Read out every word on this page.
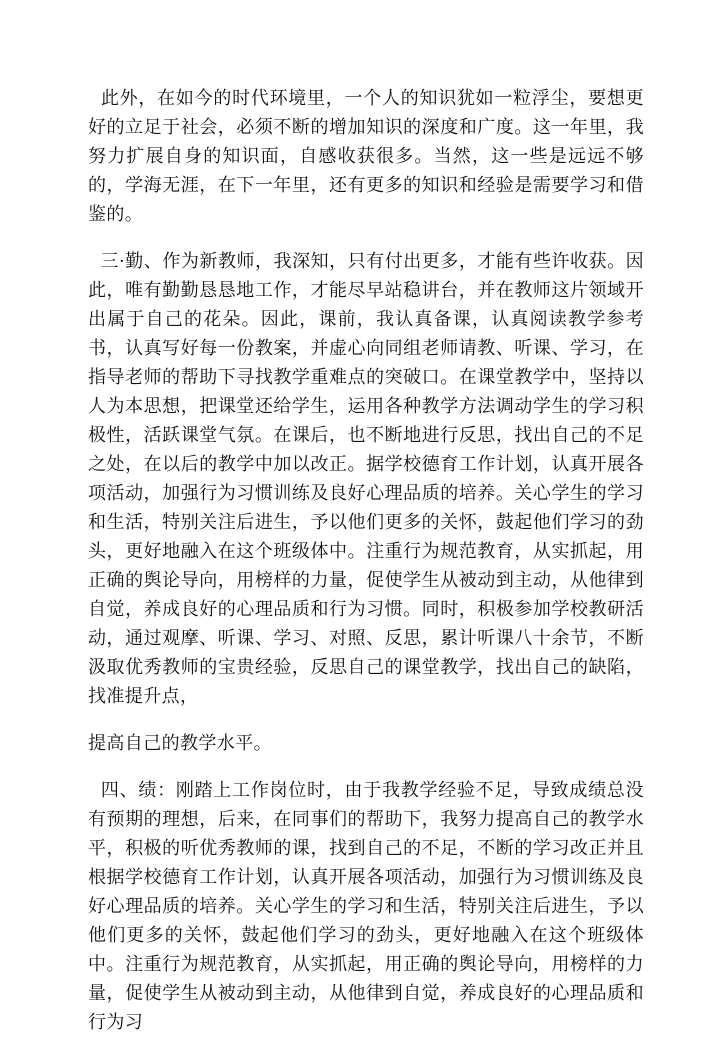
此外，在如今的时代环境里，一个人的知识犹如一粒浮尘，要想更好的立足于社会，必须不断的增加知识的深度和广度。这一年里，我努力扩展自身的知识面，自感收获很多。当然，这一些是远远不够的，学海无涯，在下一年里，还有更多的知识和经验是需要学习和借鉴的。

三·勤、作为新教师，我深知，只有付出更多，才能有些许收获。因此，唯有勤勤恳恳地工作，才能尽早站稳讲台，并在教师这片领域开出属于自己的花朵。因此，课前，我认真备课，认真阅读教学参考书，认真写好每一份教案，并虚心向同组老师请教、听课、学习，在指导老师的帮助下寻找教学重难点的突破口。在课堂教学中，坚持以人为本思想，把课堂还给学生，运用各种教学方法调动学生的学习积极性，活跃课堂气氛。在课后，也不断地进行反思，找出自己的不足之处，在以后的教学中加以改正。据学校德育工作计划，认真开展各项活动，加强行为习惯训练及良好心理品质的培养。关心学生的学习和生活，特别关注后进生，予以他们更多的关怀，鼓起他们学习的劲头，更好地融入在这个班级体中。注重行为规范教育，从实抓起，用正确的舆论导向，用榜样的力量，促使学生从被动到主动，从他律到自觉，养成良好的心理品质和行为习惯。同时，积极参加学校教研活动，通过观摩、听课、学习、对照、反思，累计听课八十余节，不断汲取优秀教师的宝贵经验，反思自己的课堂教学，找出自己的缺陷，找准提升点，

提高自己的教学水平。

四、绩：刚踏上工作岗位时，由于我教学经验不足，导致成绩总没有预期的理想，后来，在同事们的帮助下，我努力提高自己的教学水平，积极的听优秀教师的课，找到自己的不足，不断的学习改正并且根据学校德育工作计划，认真开展各项活动，加强行为习惯训练及良好心理品质的培养。关心学生的学习和生活，特别关注后进生，予以他们更多的关怀，鼓起他们学习的劲头，更好地融入在这个班级体中。注重行为规范教育，从实抓起，用正确的舆论导向，用榜样的力量，促使学生从被动到主动，从他律到自觉，养成良好的心理品质和行为习
